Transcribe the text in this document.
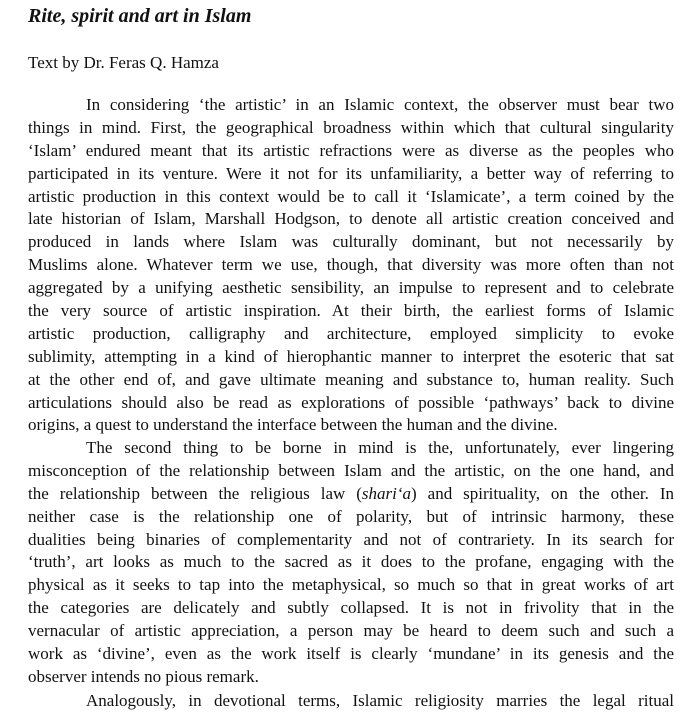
Rite, spirit and art in Islam

Text by Dr. Feras Q. Hamza

In considering ‘the artistic’ in an Islamic context, the observer must bear two
things in mind. First, the geographical broadness within which that cultural singularity
‘Islam’ endured meant that its artistic refractions were as diverse as the peoples who
participated in its venture. Were it not for its unfamiliarity, a better way of referring to
artistic production in this context would be to call it ‘Islamicate’, a term coined by the
late historian of Islam, Marshall Hodgson, to denote all artistic creation conceived and
produced in lands where Islam was culturally dominant, but not necessarily by
Muslims alone. Whatever term we use, though, that diversity was more often than not
aggregated by a unifying aesthetic sensibility, an impulse to represent and to celebrate
the very source of artistic inspiration. At their birth, the earliest forms of Islamic
artistic production, calligraphy and architecture, employed simplicity to evoke
sublimity, attempting in a kind of hierophantic manner to interpret the esoteric that sat
at the other end of, and gave ultimate meaning and substance to, human reality. Such
articulations should also be read as explorations of possible ‘pathways’ back to divine
origins, a quest to understand the interface between the human and the divine.

The second thing to be borne in mind is the, unfortunately, ever lingering
misconception of the relationship between Islam and the artistic, on the one hand, and
the relationship between the religious law (shari‘a) and spirituality, on the other. In
neither case is the relationship one of polarity, but of intrinsic harmony, these
dualities being binaries of complementarity and not of contrariety. In its search for
‘truth’, art looks as much to the sacred as it does to the profane, engaging with the
physical as it seeks to tap into the metaphysical, so much so that in great works of art
the categories are delicately and subtly collapsed. It is not in frivolity that in the
vernacular of artistic appreciation, a person may be heard to deem such and such a
work as ‘divine’, even as the work itself is clearly ‘mundane’ in its genesis and the
observer intends no pious remark.

Analogously, in devotional terms, Islamic religiosity marries the legal ritual
